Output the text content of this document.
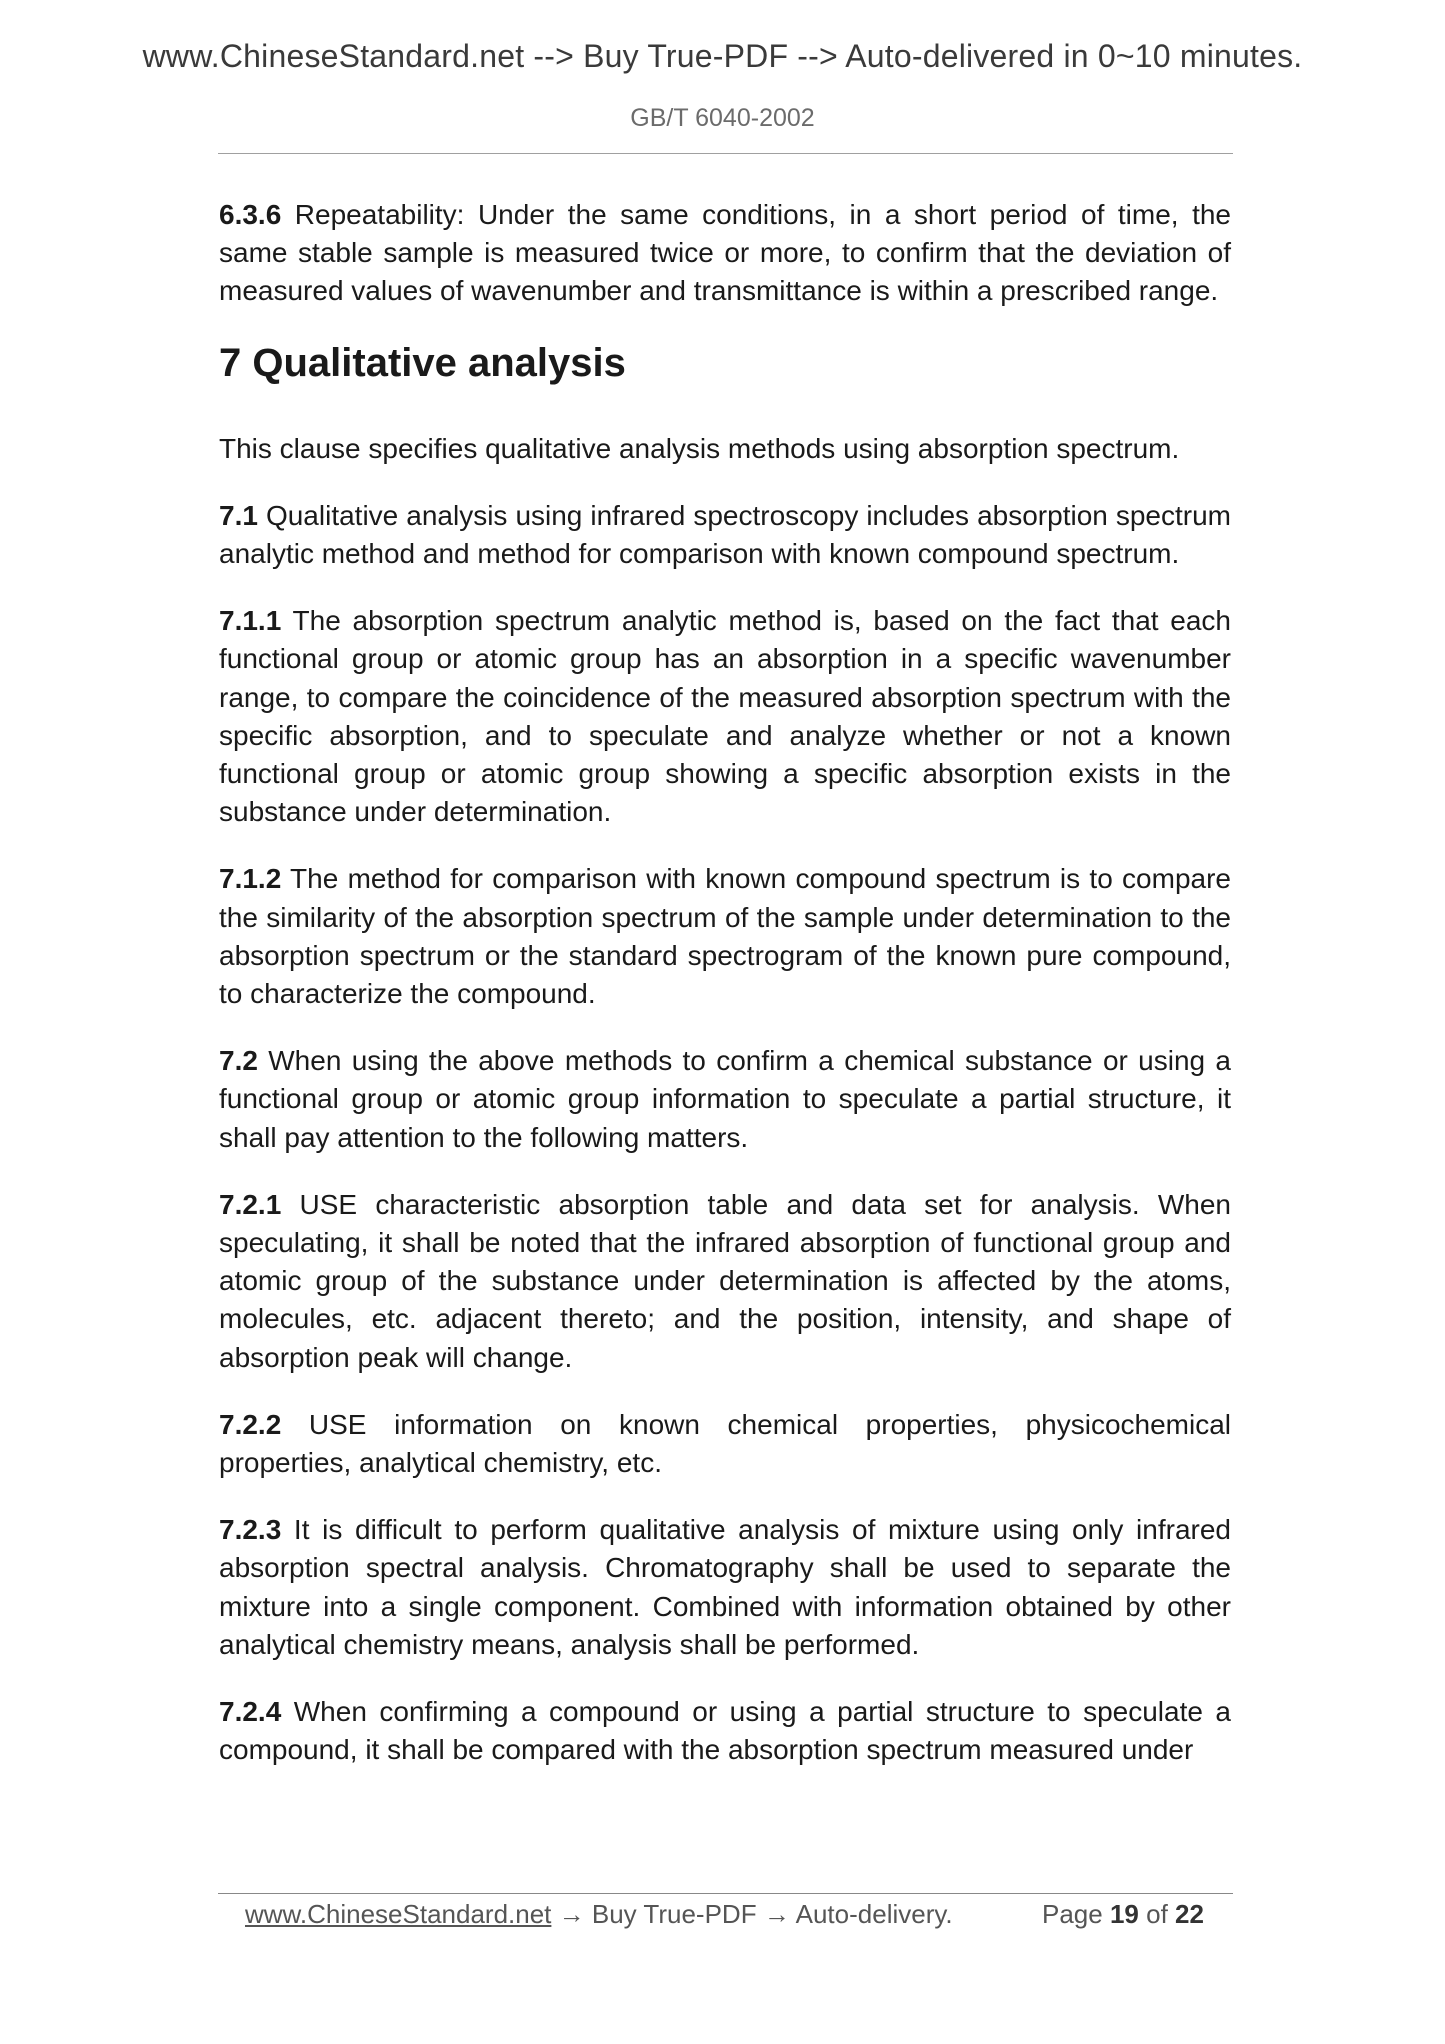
www.ChineseStandard.net --> Buy True-PDF --> Auto-delivered in 0~10 minutes.
GB/T 6040-2002

6.3.6 Repeatability: Under the same conditions, in a short period of time, the same stable sample is measured twice or more, to confirm that the deviation of measured values of wavenumber and transmittance is within a prescribed range.

7 Qualitative analysis

This clause specifies qualitative analysis methods using absorption spectrum.

7.1 Qualitative analysis using infrared spectroscopy includes absorption spectrum analytic method and method for comparison with known compound spectrum.

7.1.1 The absorption spectrum analytic method is, based on the fact that each functional group or atomic group has an absorption in a specific wavenumber range, to compare the coincidence of the measured absorption spectrum with the specific absorption, and to speculate and analyze whether or not a known functional group or atomic group showing a specific absorption exists in the substance under determination.

7.1.2 The method for comparison with known compound spectrum is to compare the similarity of the absorption spectrum of the sample under determination to the absorption spectrum or the standard spectrogram of the known pure compound, to characterize the compound.

7.2 When using the above methods to confirm a chemical substance or using a functional group or atomic group information to speculate a partial structure, it shall pay attention to the following matters.

7.2.1 USE characteristic absorption table and data set for analysis. When speculating, it shall be noted that the infrared absorption of functional group and atomic group of the substance under determination is affected by the atoms, molecules, etc. adjacent thereto; and the position, intensity, and shape of absorption peak will change.

7.2.2 USE information on known chemical properties, physicochemical properties, analytical chemistry, etc.

7.2.3 It is difficult to perform qualitative analysis of mixture using only infrared absorption spectral analysis. Chromatography shall be used to separate the mixture into a single component. Combined with information obtained by other analytical chemistry means, analysis shall be performed.

7.2.4 When confirming a compound or using a partial structure to speculate a compound, it shall be compared with the absorption spectrum measured under

www.ChineseStandard.net → Buy True-PDF → Auto-delivery.	Page 19 of 22
